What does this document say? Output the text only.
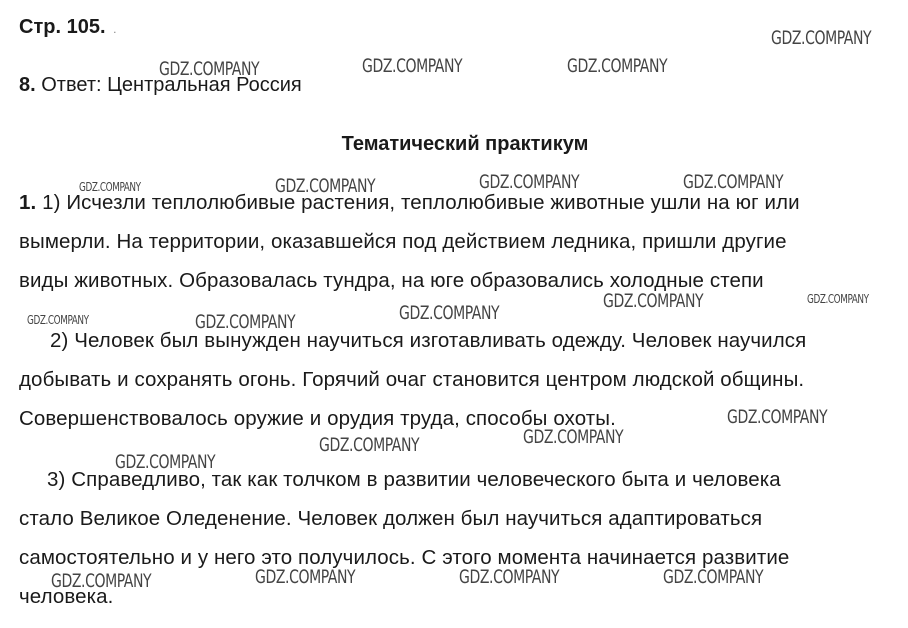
Стр. 105. .
8. Ответ: Центральная Россия
Тематический практикум
1. 1) Исчезли теплолюбивые растения, теплолюбивые животные ушли на юг или
вымерли. На территории, оказавшейся под действием ледника, пришли другие
виды животных. Образовалась тундра, на юге образовались холодные степи
2) Человек был вынужден научиться изготавливать одежду. Человек научился
добывать и сохранять огонь. Горячий очаг становится центром людской общины.
Совершенствовалось оружие и орудия труда, способы охоты.
3) Справедливо, так как толчком в развитии человеческого быта и человека
стало Великое Оледенение. Человек должен был научиться адаптироваться
самостоятельно и у него это получилось. С этого момента начинается развитие
человека.
GDZ.COMPANY
GDZ.COMPANY	GDZ.COMPANY	GDZ.COMPANY
GDZ.COMPANY	GDZ.COMPANY	GDZ.COMPANY	GDZ.COMPANY
GDZ.COMPANY	GDZ.COMPANY
GDZ.COMPANY	GDZ.COMPANY	GDZ.COMPANY
GDZ.COMPANY
GDZ.COMPANY
GDZ.COMPANY
GDZ.COMPANY
GDZ.COMPANY	GDZ.COMPANY	GDZ.COMPANY
GDZ.COMPANY
